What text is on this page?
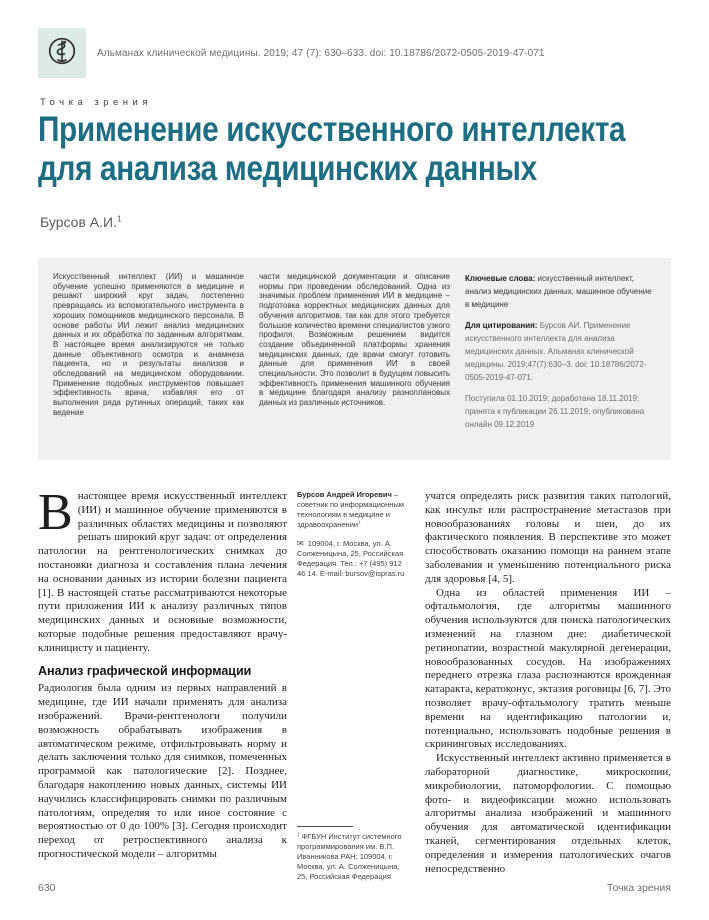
Альманах клинической медицины. 2019; 47 (7): 630–633. doi: 10.18786/2072-0505-2019-47-071
Точка зрения
Применение искусственного интеллекта
для анализа медицинских данных
Бурсов А.И.$^1$
Искусственный интеллект (ИИ) и машинное обучение успешно применяются в медицине и решают широкий круг задач, постепенно превращаясь из вспомогательного инструмента в хороших помощников медицинского персонала. В основе работы ИИ лежит анализ медицинских данных и их обработка по заданным алгоритмам. В настоящее время анализируются не только данные объективного осмотра и анамнеза пациента, но и результаты анализов и обследований на медицинском оборудовании. Применение подобных инструментов повышает эффективность врача, избавляя его от выполнения ряда рутинных операций, таких как ведение
части медицинской документации и описание нормы при проведении обследований. Одна из значимых проблем применения ИИ в медицине – подготовка корректных медицинских данных для обучения алгоритмов, так как для этого требуется большое количество времени специалистов узкого профиля. Возможным решением видится создание объединенной платформы хранения медицинских данных, где врачи смогут готовить данные для применения ИИ в своей специальности. Это позволит в будущем повысить эффективность применения машинного обучения в медицине благодаря анализу разноплановых данных из различных источников.

Ключевые слова: искусственный интеллект, анализ медицинских данных, машинное обучение в медицине

Для цитирования: Бурсов АИ. Применение искусственного интеллекта для анализа медицинских данных. Альманах клинической медицины. 2019;47(7):630–3. doi: 10.18786/2072-0505-2019-47-071.

Поступила 01.10.2019; доработана 18.11.2019; принята к публикации 26.11.2019; опубликована онлайн 09.12.2019

Внастоящее время искусственный интеллект (ИИ) и машинное обучение применяются в различных областях медицины и позволяют решать широкий круг задач: от определения патологии на рентгенологических снимках до постановки диагноза и составления плана лечения на основании данных из истории болезни пациента [1]. В настоящей статье рассматриваются некоторые пути приложения ИИ к анализу различных типов медицинских данных и основные возможности, которые подобные решения предоставляют врачу-клиницисту и пациенту.

Анализ графической информации

Радиология была одним из первых направлений в медицине, где ИИ начали применять для анализа изображений. Врачи-рентгенологи получили возможность обрабатывать изображения в автоматическом режиме, отфильтровывать норму и делать заключения только для снимков, помеченных программой как патологические [2]. Позднее, благодаря накоплению новых данных, системы ИИ научились классифицировать снимки по различным патологиям, определяя то или иное состояние с вероятностью от 0 до 100% [3]. Сегодня происходит переход от ретроспективного анализа к прогностической модели – алгоритмы

Бурсов Андрей Игоревич – советник по информационным технологиям в медицине и здравоохранении$^1$
✉ 109004, г. Москва, ул. А. Солженицына, 25, Российская Федерация. Тел.: +7 (495) 912 46 14. E-mail: bursov@ispras.ru
$^1$ ФГБУН Институт системного программирования им. В.П. Иванникова РАН; 109004, г. Москва, ул. А. Солженицына, 25, Российская Федерация

учатся определять риск развития таких патологий, как инсульт или распространение метастазов при новообразованиях головы и шеи, до их фактического появления. В перспективе это может способствовать оказанию помощи на раннем этапе заболевания и уменьшению потенциального риска для здоровья [4, 5].

Одна из областей применения ИИ – офтальмология, где алгоритмы машинного обучения используются для поиска патологических изменений на глазном дне: диабетической ретинопатии, возрастной макулярной дегенерации, новообразованных сосудов. На изображениях переднего отрезка глаза распознаются врожденная катаракта, кератоконус, эктазия роговицы [6, 7]. Это позволяет врачу-офтальмологу тратить меньше времени на идентификацию патологии и, потенциально, использовать подобные решения в скрининговых исследованиях.

Искусственный интеллект активно применяется в лабораторной диагностике, микроскопии, микробиологии, патоморфологии. С помощью фото- и видеофиксации можно использовать алгоритмы анализа изображений и машинного обучения для автоматической идентификации тканей, сегментирования отдельных клеток, определения и измерения патологических очагов непосредственно

630	Точка зрения
